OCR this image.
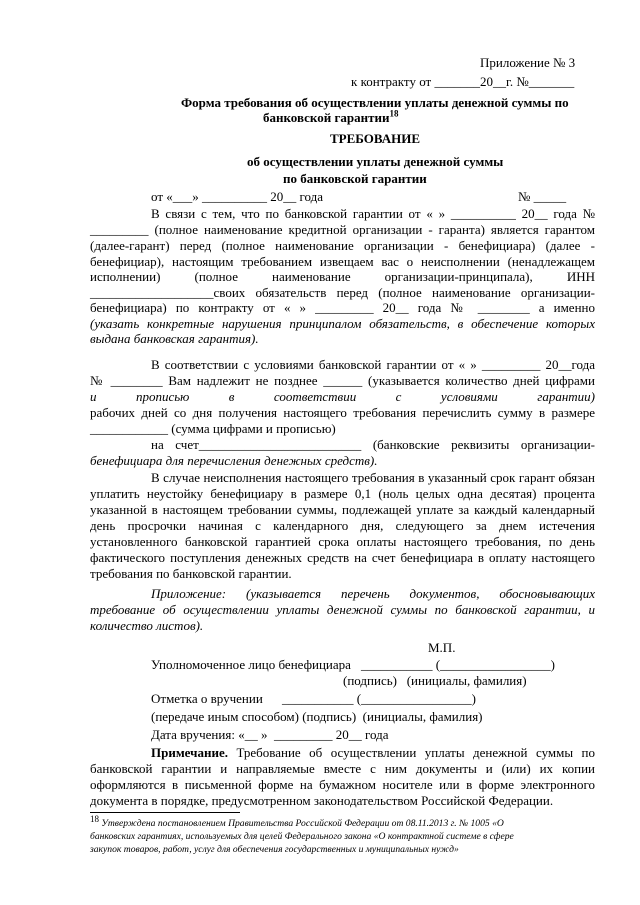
Приложение № 3
к контракту от _______20__г. №_______
Форма требования об осуществлении уплаты денежной суммы по
банковской гарантии$^{18}$
ТРЕБОВАНИЕ
об осуществлении уплаты денежной суммы
по банковской гарантии
от «___» __________ 20__ года	№ _____
В связи с тем, что по банковской гарантии от « » __________ 20__ года №
_________ (полное наименование кредитной организации - гаранта) является гарантом
(далее-гарант) перед (полное наименование организации - бенефициара) (далее -
бенефициар), настоящим требованием извещаем вас о неисполнении (ненадлежащем
исполнении) (полное наименование организации-принципала), ИНН
___________________своих обязательств перед (полное наименование организации-
бенефициара) по контракту от « » _________ 20__ года № ________ а именно
(указать конкретные нарушения принципалом обязательств, в обеспечение которых
выдана банковская гарантия).
В соответствии с условиями банковской гарантии от « » _________ 20__года
№ ________ Вам надлежит не позднее ______ (указывается количество дней цифрами
и прописью в соответствии с условиями гарантии)
рабочих дней со дня получения настоящего требования перечислить сумму в размере
____________ (сумма цифрами и прописью)
на счет_________________________ (банковские реквизиты организации-
бенефициара для перечисления денежных средств).
В случае неисполнения настоящего требования в указанный срок гарант обязан
уплатить неустойку бенефициару в размере 0,1 (ноль целых одна десятая) процента
указанной в настоящем требовании суммы, подлежащей уплате за каждый календарный
день просрочки начиная с календарного дня, следующего за днем истечения
установленного банковской гарантией срока оплаты настоящего требования, по день
фактического поступления денежных средств на счет бенефициара в оплату настоящего
требования по банковской гарантии.
Приложение: (указывается перечень документов, обосновывающих
требование об осуществлении уплаты денежной суммы по банковской гарантии, и
количество листов).
М.П.
Уполномоченное лицо бенефициара ___________ (_________________)
(подпись)   (инициалы, фамилия)
Отметка о вручении ___________ (_________________)
(передаче иным способом) (подпись)  (инициалы, фамилия)
Дата вручения: «__ »  _________ 20__ года
Примечание. Требование об осуществлении уплаты денежной суммы по
банковской гарантии и направляемые вместе с ним документы и (или) их копии
оформляются в письменной форме на бумажном носителе или в форме электронного
документа в порядке, предусмотренном законодательством Российской Федерации.
18 Утверждена постановлением Правительства Российской Федерации от 08.11.2013 г. № 1005 «О
банковских гарантиях, используемых для целей Федерального закона «О контрактной системе в сфере
закупок товаров, работ, услуг для обеспечения государственных и муниципальных нужд»
